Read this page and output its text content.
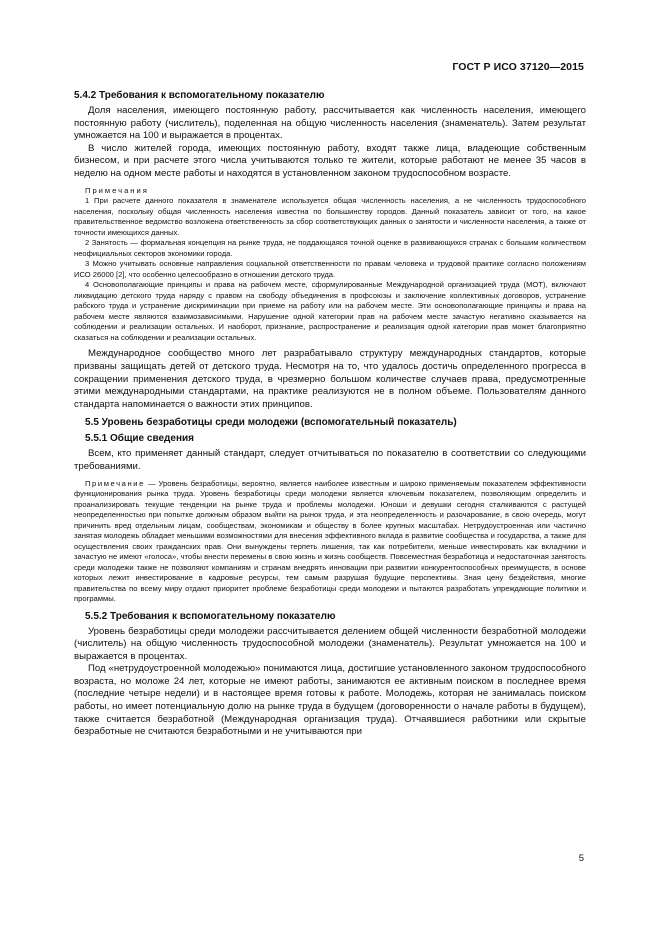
ГОСТ Р ИСО 37120—2015
5.4.2 Требования к вспомогательному показателю

Доля населения, имеющего постоянную работу, рассчитывается как численность населения, имеющего постоянную работу (числитель), поделенная на общую численность населения (знаменатель). Затем результат умножается на 100 и выражается в процентах.

В число жителей города, имеющих постоянную работу, входят также лица, владеющие собственным бизнесом, и при расчете этого числа учитываются только те жители, которые работают не менее 35 часов в неделю на одном месте работы и находятся в установленном законом трудоспособном возрасте.

Примечания

1 При расчете данного показателя в знаменателе используется общая численность населения, а не численность трудоспособного населения, поскольку общая численность населения известна по большинству городов. Данный показатель зависит от того, на какое правительственное ведомство возложена ответственность за сбор соответствующих данных о занятости и численности населения, а также от точности имеющихся данных.

2 Занятость — формальная концепция на рынке труда, не поддающаяся точной оценке в развивающихся странах с большим количеством неофициальных секторов экономики города.

3 Можно учитывать основные направления социальной ответственности по правам человека и трудовой практике согласно положениям ИСО 26000 [2], что особенно целесообразно в отношении детского труда.

4 Основополагающие принципы и права на рабочем месте, сформулированные Международной организацией труда (МОТ), включают ликвидацию детского труда наряду с правом на свободу объединения в профсоюзы и заключение коллективных договоров, устранение рабского труда и устранение дискриминации при приеме на работу или на рабочем месте. Эти основополагающие принципы и права на рабочем месте являются взаимозависимыми. Нарушение одной категории прав на рабочем месте зачастую негативно сказывается на соблюдении и реализации остальных. И наоборот, признание, распространение и реализация одной категории прав может благоприятно сказаться на соблюдении и реализации остальных.

Международное сообщество много лет разрабатывало структуру международных стандартов, которые призваны защищать детей от детского труда. Несмотря на то, что удалось достичь определенного прогресса в сокращении применения детского труда, в чрезмерно большом количестве случаев права, предусмотренные этими международными стандартами, на практике реализуются не в полном объеме. Пользователям данного стандарта напоминается о важности этих принципов.

5.5 Уровень безработицы среди молодежи (вспомогательный показатель)
5.5.1 Общие сведения

Всем, кто применяет данный стандарт, следует отчитываться по показателю в соответствии со следующими требованиями.

Примечание — Уровень безработицы, вероятно, является наиболее известным и широко применяемым показателем эффективности функционирования рынка труда. Уровень безработицы среди молодежи является ключевым показателем, позволяющим определить и проанализировать текущие тенденции на рынке труда и проблемы молодежи. Юноши и девушки сегодня сталкиваются с растущей неопределенностью при попытке должным образом выйти на рынок труда, и эта неопределенность и разочарование, в свою очередь, могут причинить вред отдельным лицам, сообществам, экономикам и обществу в более крупных масштабах. Нетрудоустроенная или частично занятая молодежь обладает меньшими возможностями для внесения эффективного вклада в развитие сообщества и государства, а также для осуществления своих гражданских прав. Они вынуждены терпеть лишения, так как потребители, меньше инвестировать как вкладчики и зачастую не имеют «голоса», чтобы внести перемены в свою жизнь и жизнь сообществ. Повсеместная безработица и недостаточная занятость среди молодежи также не позволяют компаниям и странам внедрять инновации при развитии конкурентоспособных преимуществ, в основе которых лежит инвестирование в кадровые ресурсы, тем самым разрушая будущие перспективы. Зная цену бездействия, многие правительства по всему миру отдают приоритет проблеме безработицы среди молодежи и пытаются разработать упреждающие политики и программы.

5.5.2 Требования к вспомогательному показателю

Уровень безработицы среди молодежи рассчитывается делением общей численности безработной молодежи (числитель) на общую численность трудоспособной молодежи (знаменатель). Результат умножается на 100 и выражается в процентах.

Под «нетрудоустроенной молодежью» понимаются лица, достигшие установленного законом трудоспособного возраста, но моложе 24 лет, которые не имеют работы, занимаются ее активным поиском в последнее время (последние четыре недели) и в настоящее время готовы к работе. Молодежь, которая не занималась поиском работы, но имеет потенциальную долю на рынке труда в будущем (договоренности о начале работы в будущем), также считается безработной (Международная организация труда). Отчаявшиеся работники или скрытые безработные не считаются безработными и не учитываются при

5
